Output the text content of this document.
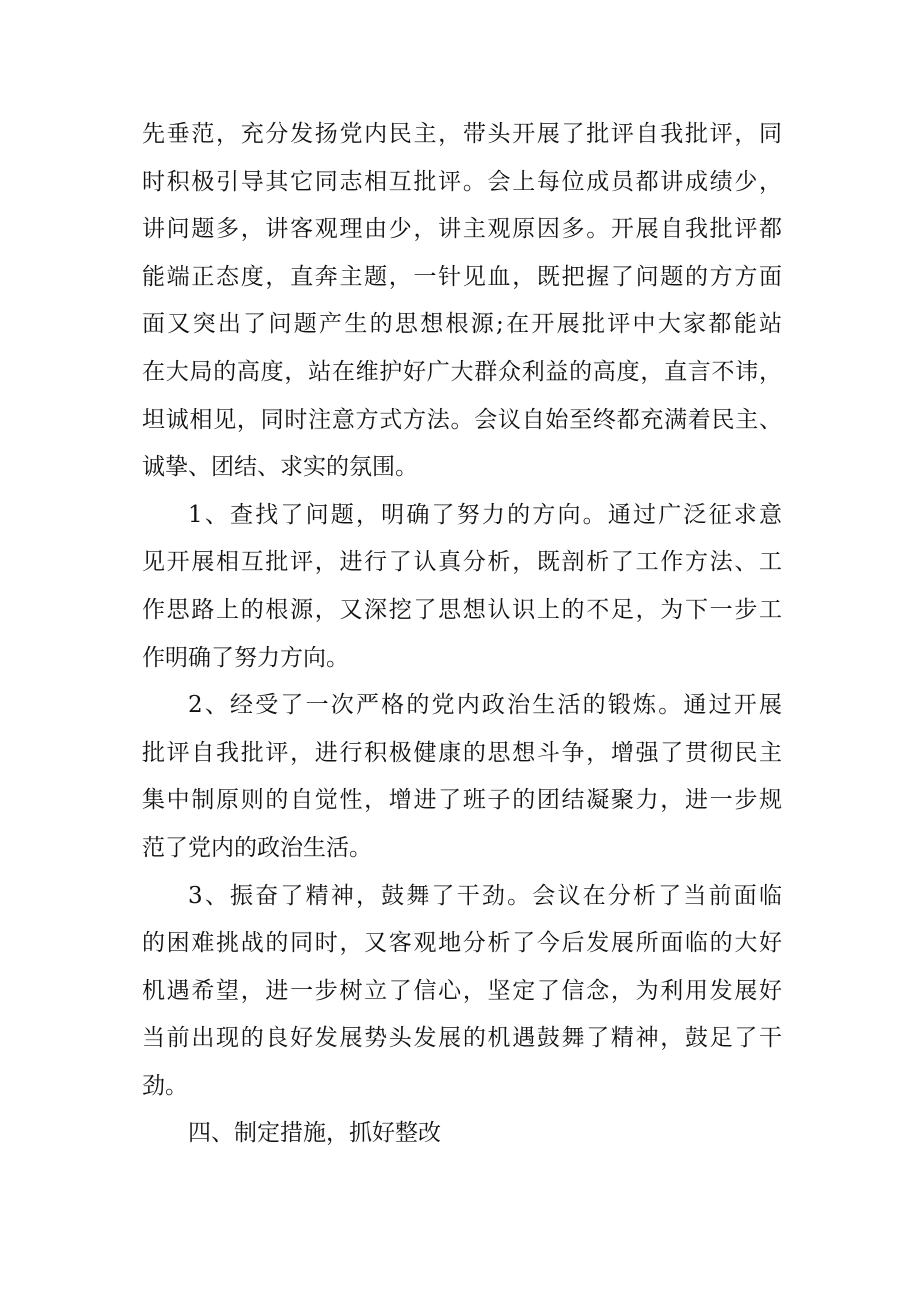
先垂范，充分发扬党内民主，带头开展了批评自我批评，同
时积极引导其它同志相互批评。会上每位成员都讲成绩少，
讲问题多，讲客观理由少，讲主观原因多。开展自我批评都
能端正态度，直奔主题，一针见血，既把握了问题的方方面
面又突出了问题产生的思想根源;在开展批评中大家都能站
在大局的高度，站在维护好广大群众利益的高度，直言不讳，
坦诚相见，同时注意方式方法。会议自始至终都充满着民主、
诚挚、团结、求实的氛围。
1、查找了问题，明确了努力的方向。通过广泛征求意
见开展相互批评，进行了认真分析，既剖析了工作方法、工
作思路上的根源，又深挖了思想认识上的不足，为下一步工
作明确了努力方向。
2、经受了一次严格的党内政治生活的锻炼。通过开展
批评自我批评，进行积极健康的思想斗争，增强了贯彻民主
集中制原则的自觉性，增进了班子的团结凝聚力，进一步规
范了党内的政治生活。
3、振奋了精神，鼓舞了干劲。会议在分析了当前面临
的困难挑战的同时，又客观地分析了今后发展所面临的大好
机遇希望，进一步树立了信心，坚定了信念，为利用发展好
当前出现的良好发展势头发展的机遇鼓舞了精神，鼓足了干
劲。
四、制定措施，抓好整改
